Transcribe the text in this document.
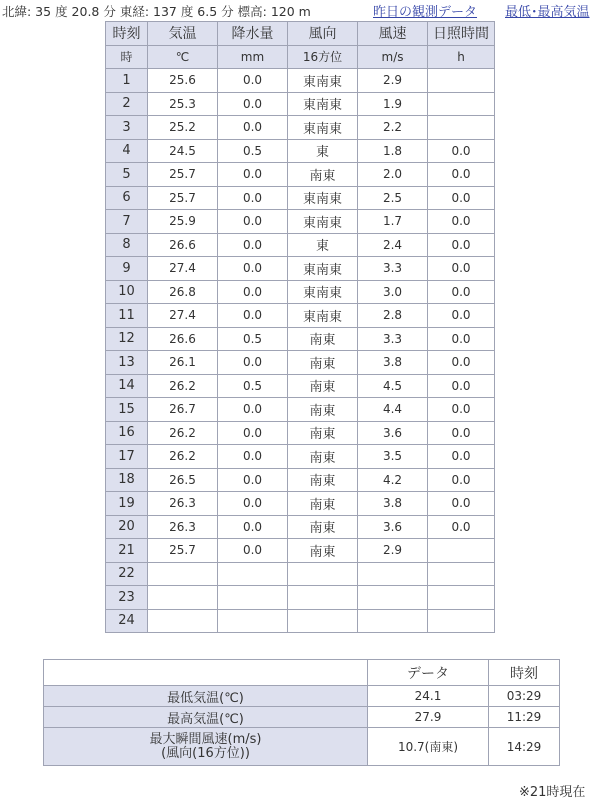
北緯: 35 度 20.8 分 東経: 137 度 6.5 分 標高: 120 m	昨日の観測データ 最低･最高気温
時刻	気温	降水量	風向	風速	日照時間
時	℃	mm	16方位	m/s	h
1	25.6	0.0	東南東	2.9	
2	25.3	0.0	東南東	1.9	
3	25.2	0.0	東南東	2.2	
4	24.5	0.5	東	1.8	0.0
5	25.7	0.0	南東	2.0	0.0
6	25.7	0.0	東南東	2.5	0.0
7	25.9	0.0	東南東	1.7	0.0
8	26.6	0.0	東	2.4	0.0
9	27.4	0.0	東南東	3.3	0.0
10	26.8	0.0	東南東	3.0	0.0
11	27.4	0.0	東南東	2.8	0.0
12	26.6	0.5	南東	3.3	0.0
13	26.1	0.0	南東	3.8	0.0
14	26.2	0.5	南東	4.5	0.0
15	26.7	0.0	南東	4.4	0.0
16	26.2	0.0	南東	3.6	0.0
17	26.2	0.0	南東	3.5	0.0
18	26.5	0.0	南東	4.2	0.0
19	26.3	0.0	南東	3.8	0.0
20	26.3	0.0	南東	3.6	0.0
21	25.7	0.0	南東	2.9	
22					
23					
24					
	データ	時刻
最低気温(℃)	24.1	03:29
最高気温(℃)	27.9	11:29

最大瞬間風速(m/s)
(風向(16方位))	10.7(南東)	14:29
※21時現在
